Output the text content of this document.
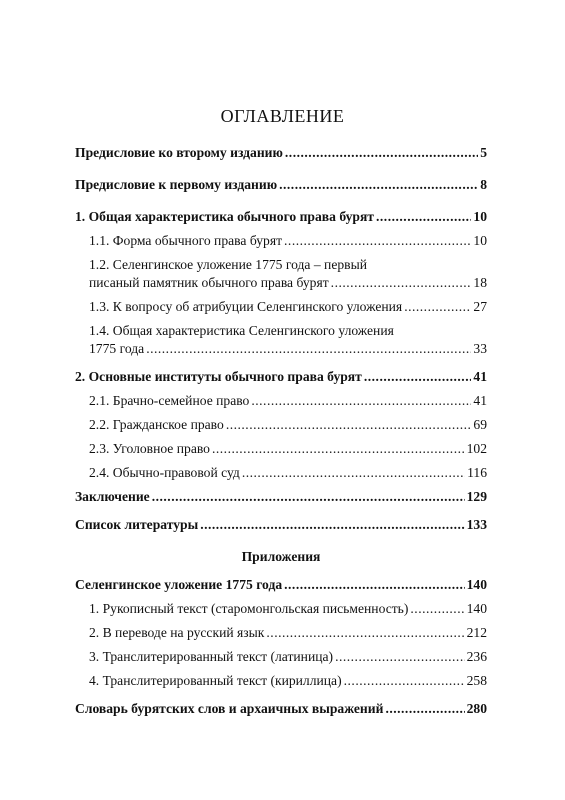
ОГЛАВЛЕНИЕ
Предисловие ко второму изданию .....	5
Предисловие к первому изданию .....	8
1. Общая характеристика обычного права бурят .....	10
1.1. Форма обычного права бурят .....	10
1.2. Селенгинское уложение 1775 года – первый
писаный памятник обычного права бурят .....	18
1.3. К вопросу об атрибуции Селенгинского уложения .....	27
1.4. Общая характеристика Селенгинского уложения
1775 года .....	33
2. Основные институты обычного права бурят .....	41
2.1. Брачно-семейное право .....	41
2.2. Гражданское право .....	69
2.3. Уголовное право .....	102
2.4. Обычно-правовой суд .....	116
Заключение .....	129
Список литературы .....	133
Приложения
Селенгинское уложение 1775 года .....	140
1. Рукописный текст (старомонгольская письменность) .....	140
2. В переводе на русский язык .....	212
3. Транслитерированный текст (латиница) .....	236
4. Транслитерированный текст (кириллица) .....	258
Словарь бурятских слов и архаичных выражений .....	280
